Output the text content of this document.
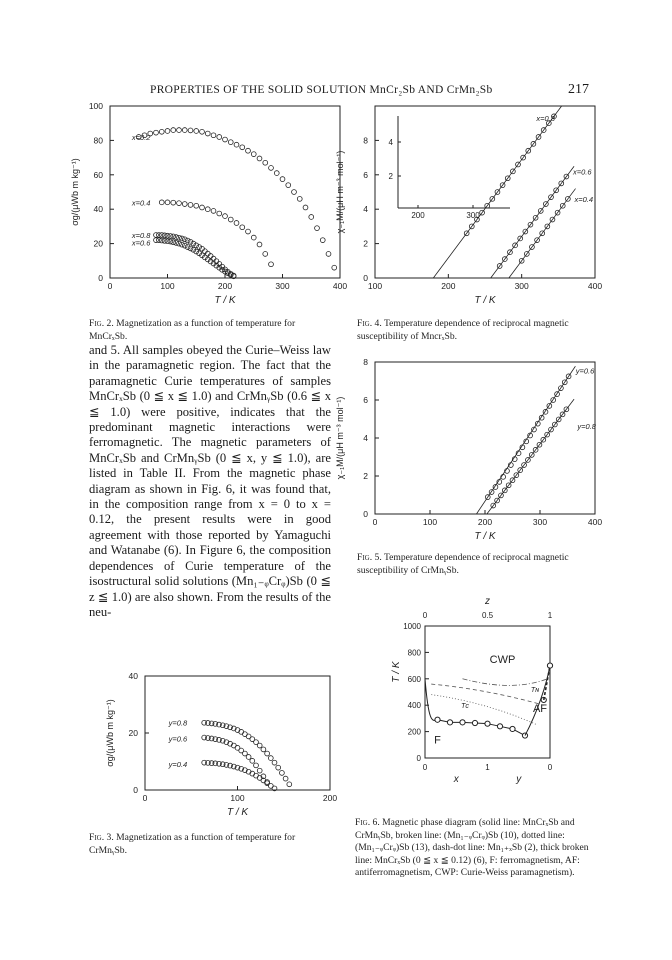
PROPERTIES OF THE SOLID SOLUTION MnCr₂Sb AND CrMn₂Sb	217
0	100	200	300	400
0
20
40
60
80
100
T / K
σg/(μWb m kg⁻¹)
x=0.2
x=0.4
x=0.8
x=0.6
Fig. 2. Magnetization as a function of temperature for MnCrₓSb.
100	200	300	400
0
2
4
6
8
T / K
χ₋₁M/(μH m⁻³ mol⁻¹)
x=0.8
x=0.6
x=0.4
200	300
2
4
Fig. 4. Temperature dependence of reciprocal magnetic susceptibility of MncrₓSb.
and 5. All samples obeyed the Curie–Weiss law in the paramagnetic region. The fact that the paramagnetic Curie temperatures of samples MnCrₓSb (0 ≦ x ≦ 1.0) and CrMnᵧSb (0.6 ≦ x ≦ 1.0) were positive, indicates that the predominant magnetic interactions were ferromagnetic. The magnetic parameters of MnCrₓSb and CrMnᵧSb (0 ≦ x, y ≦ 1.0), are listed in Table II. From the magnetic phase diagram as shown in Fig. 6, it was found that, in the composition range from x = 0 to x = 0.12, the present results were in good agreement with those reported by Yamaguchi and Watanabe (6). In Figure 6, the composition dependences of Curie temperature of the isostructural solid solutions (Mn₁₋ᵩCrᵩ)Sb (0 ≦ z ≦ 1.0) are also shown. From the results of the neu-
0	100	200	300	400
0
2
4
6
8
T / K
χ₋₁M/(μH m⁻³ mol⁻¹)
y=0.6
y=0.8
Fig. 5. Temperature dependence of reciprocal magnetic susceptibility of CrMnᵧSb.
0	100	200
0
20
40
T / K
σg/(μWb m kg⁻¹)	y=0.8
y=0.6
y=0.4
Fig. 3. Magnetization as a function of temperature for CrMnᵧSb.
z
0	0.5	1
0
200
400
600
800
1000
0	1	0
x	y
T / K
CWP
F
AF
Tᴄ
Tɴ
Fig. 6. Magnetic phase diagram (solid line: MnCrₓSb and CrMnᵧSb, broken line: (Mn₁₋ᵩCrᵩ)Sb (10), dotted line: (Mn₁₋ᵩCrᵩ)Sb (13), dash-dot line: Mn₁₊ₓSb (2), thick broken line: MnCrₓSb (0 ≦ x ≦ 0.12) (6), F: ferromagnetism, AF: antiferromagnetism, CWP: Curie-Weiss paramagnetism).
